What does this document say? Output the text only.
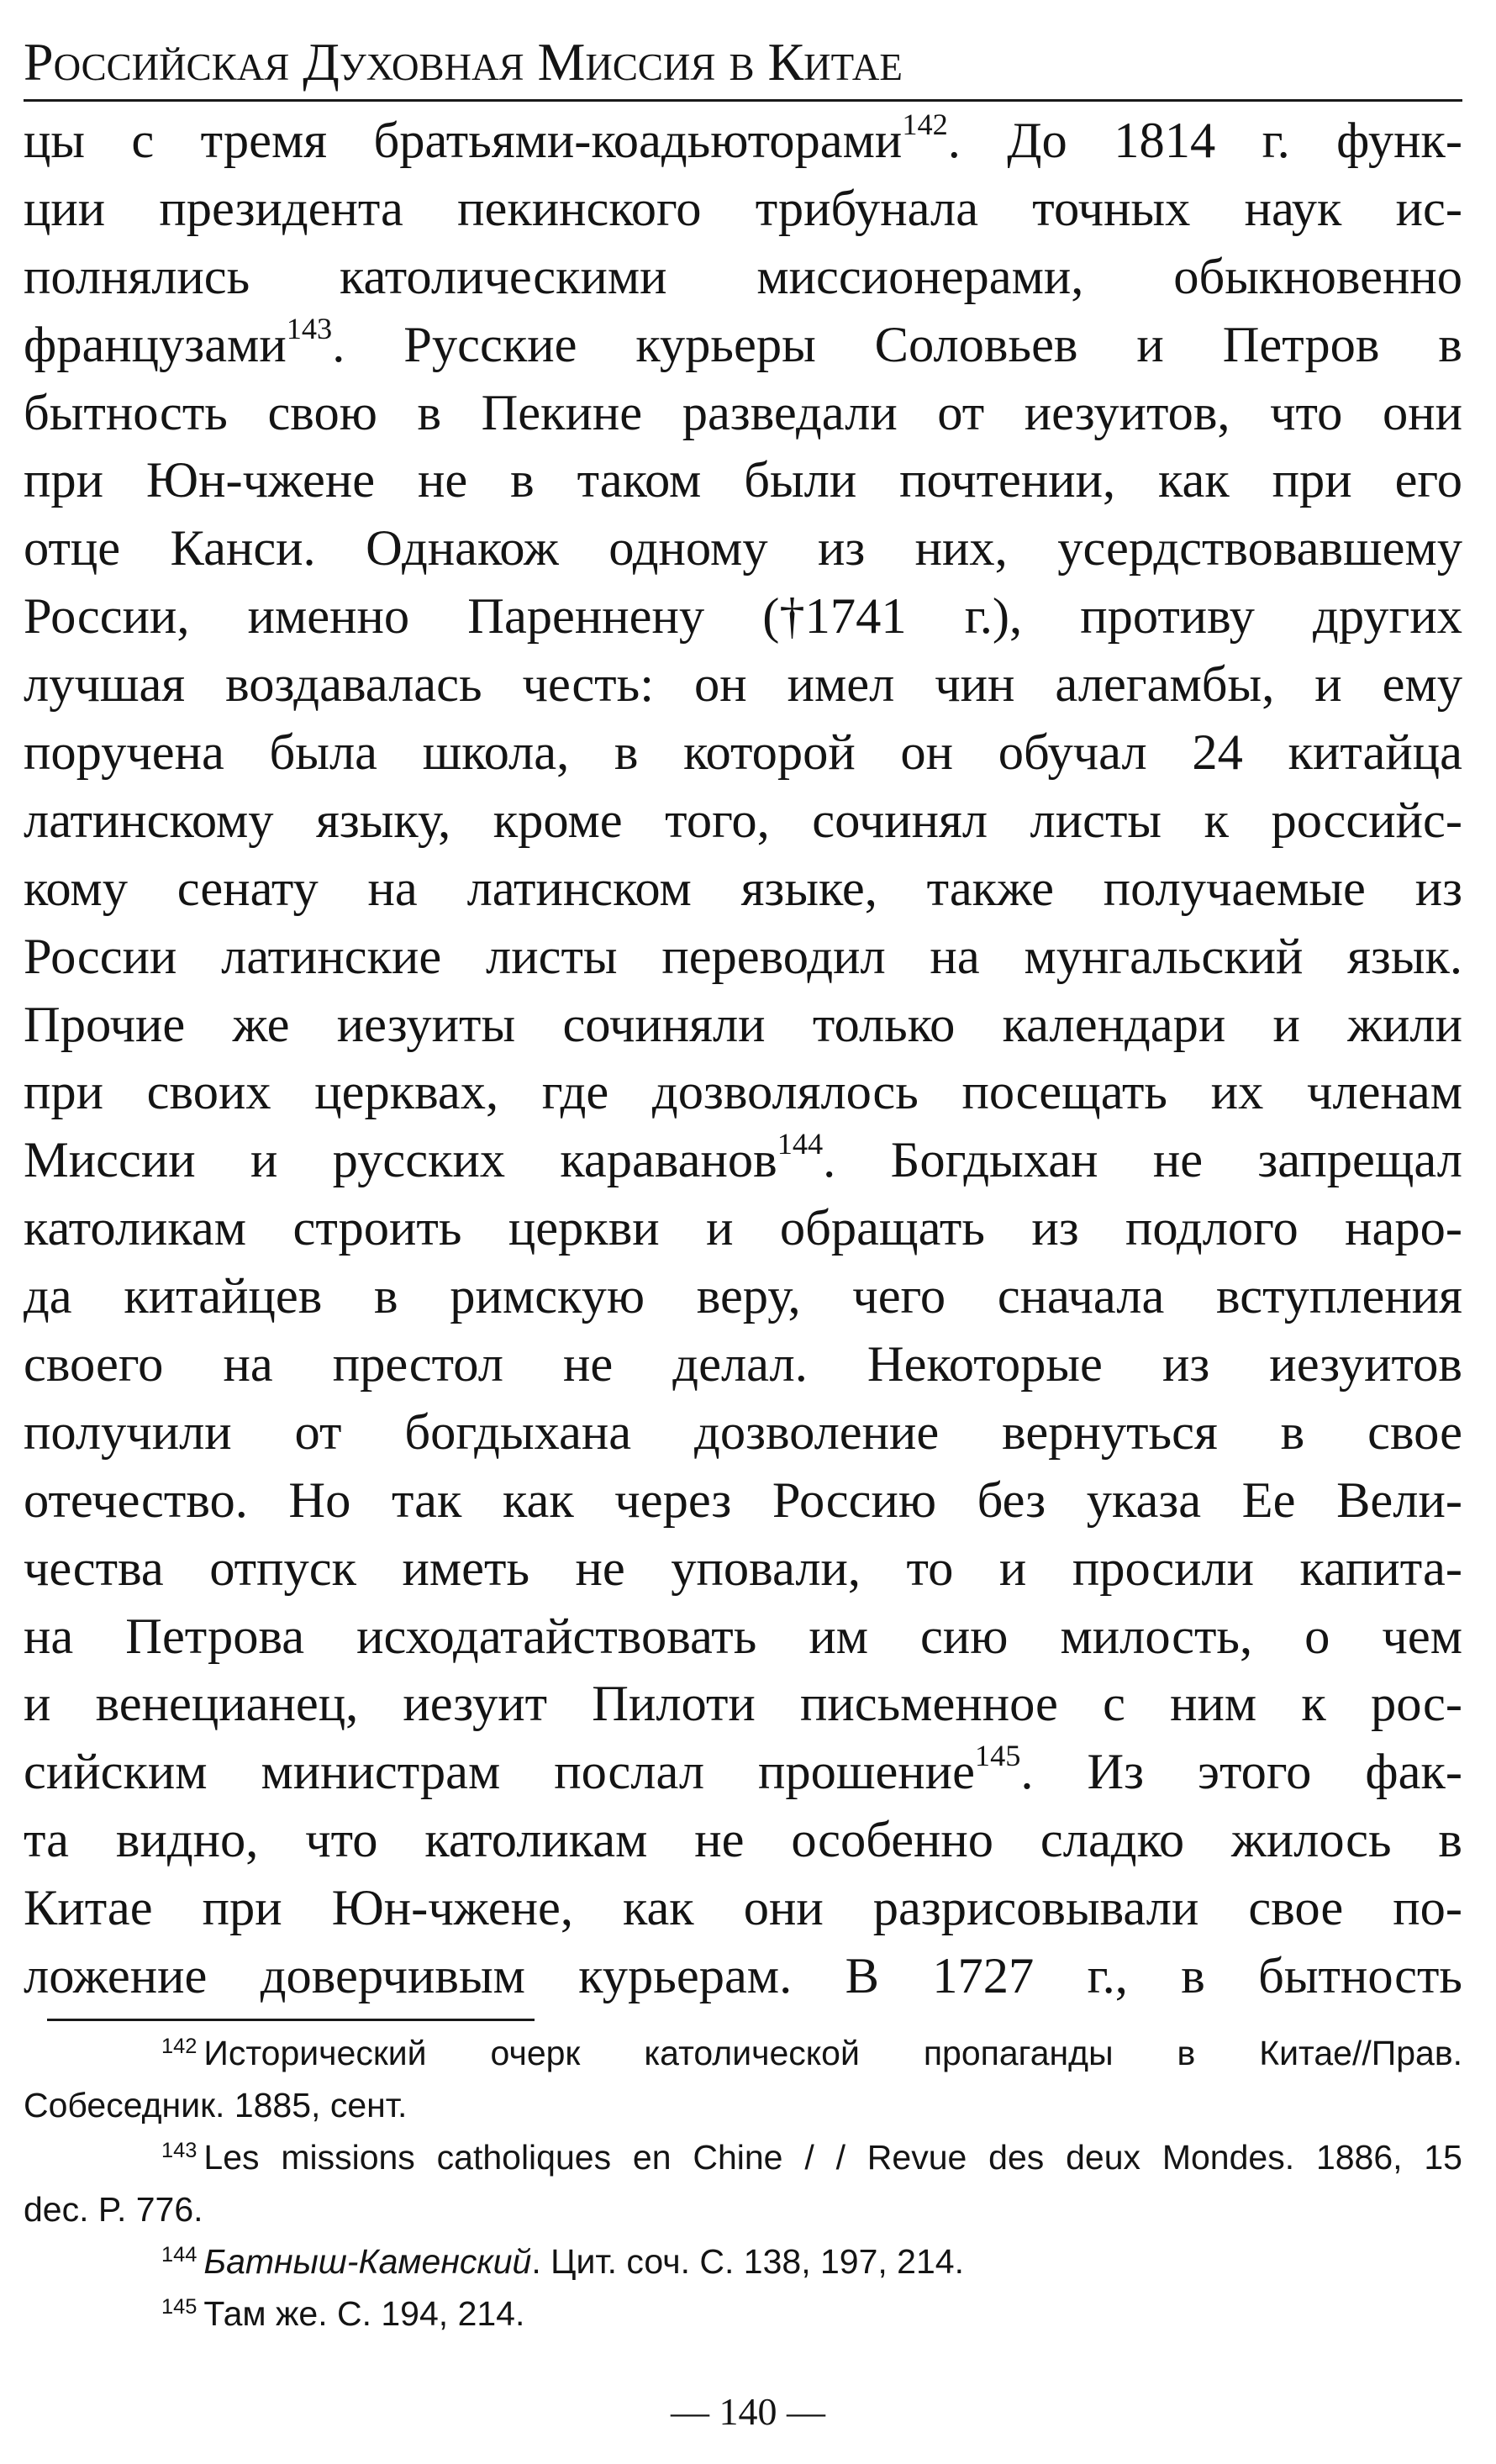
Российская Духовная Миссия в Китае
цы с тремя братьями-коадьюторами$^{142}$. До 1814 г. функ-
ции президента пекинского трибунала точных наук ис-
полнялись католическими миссионерами, обыкновенно
французами$^{143}$. Русские курьеры Соловьев и Петров в
бытность свою в Пекине разведали от иезуитов, что они
при Юн-чжене не в таком были почтении, как при его
отце Канси. Однакож одному из них, усердствовавшему
России, именно Пареннену (†1741 г.), противу других
лучшая воздавалась честь: он имел чин алегамбы, и ему
поручена была школа, в которой он обучал 24 китайца
латинскому языку, кроме того, сочинял листы к российс-
кому сенату на латинском языке, также получаемые из
России латинские листы переводил на мунгальский язык.
Прочие же иезуиты сочиняли только календари и жили
при своих церквах, где дозволялось посещать их членам
Миссии и русских караванов$^{144}$. Богдыхан не запрещал
католикам строить церкви и обращать из подлого наро-
да китайцев в римскую веру, чего сначала вступления
своего на престол не делал. Некоторые из иезуитов
получили от богдыхана дозволение вернуться в свое
отечество. Но так как через Россию без указа Ее Вели-
чества отпуск иметь не уповали, то и просили капита-
на Петрова исходатайствовать им сию милость, о чем
и венецианец, иезуит Пилоти письменное с ним к рос-
сийским министрам послал прошение$^{145}$. Из этого фак-
та видно, что католикам не особенно сладко жилось в
Китае при Юн-чжене, как они разрисовывали свое по-
ложение доверчивым курьерам. В 1727 г., в бытность
$^{142}$ Исторический очерк католической пропаганды в Китае//Прав.
Собеседник. 1885, сент.
$^{143}$ Les missions catholiques en Chine / / Revue des deux Mondes. 1886, 15
dec. P. 776.
$^{144}$ Батныш-Каменский. Цит. соч. С. 138, 197, 214.
$^{145}$ Там же. С. 194, 214.
— 140 —
